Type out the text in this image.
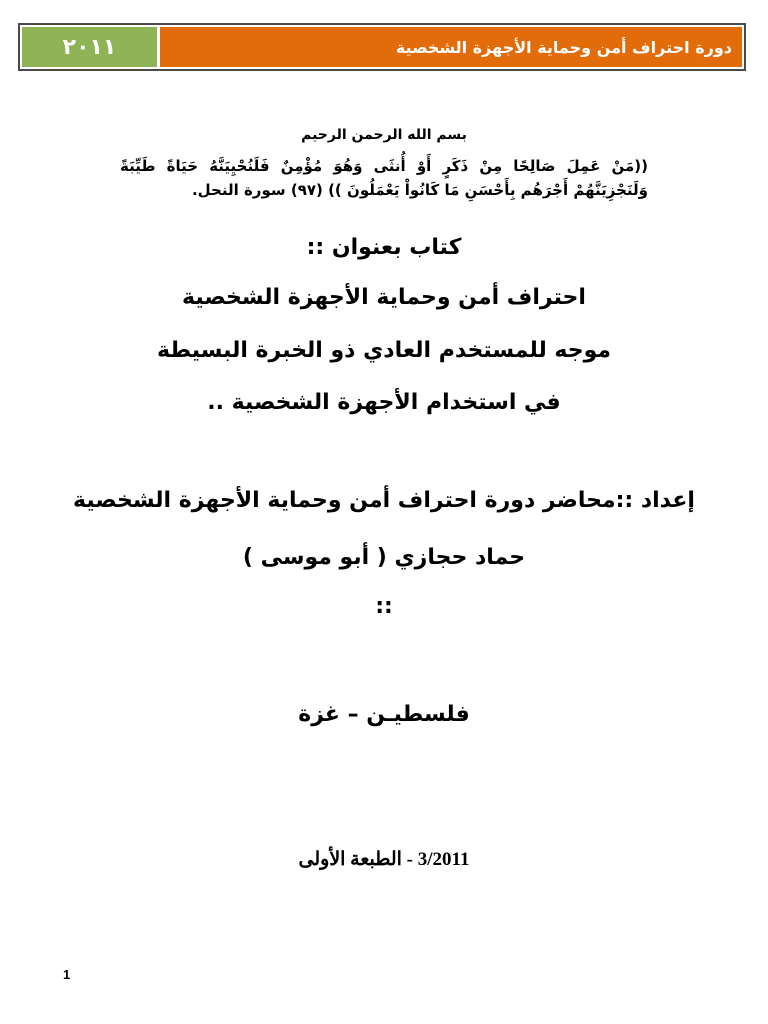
٢٠١١	دورة احتراف أمن وحماية الأجهزة الشخصية
بسم الله الرحمن الرحيم
((مَنْ عَمِلَ صَالِحًا مِنْ ذَكَرٍ أَوْ أُنثَى وَهُوَ مُؤْمِنٌ فَلَنُحْيِيَنَّهُ حَيَاةً طَيِّبَةً وَلَنَجْزِيَنَّهُمْ أَجْرَهُم بِأَحْسَنِ مَا كَانُواْ يَعْمَلُونَ )) (٩٧) سورة النحل.
كتاب بعنوان ::
احتراف أمن وحماية الأجهزة الشخصية
موجه للمستخدم العادي ذو الخبرة البسيطة
في استخدام الأجهزة الشخصية ..
إعداد ::محاضر دورة احتراف أمن وحماية الأجهزة الشخصية
حماد حجازي ( أبو موسى )
::
فلسطيـن – غزة
3/2011 - الطبعة الأولى
1
